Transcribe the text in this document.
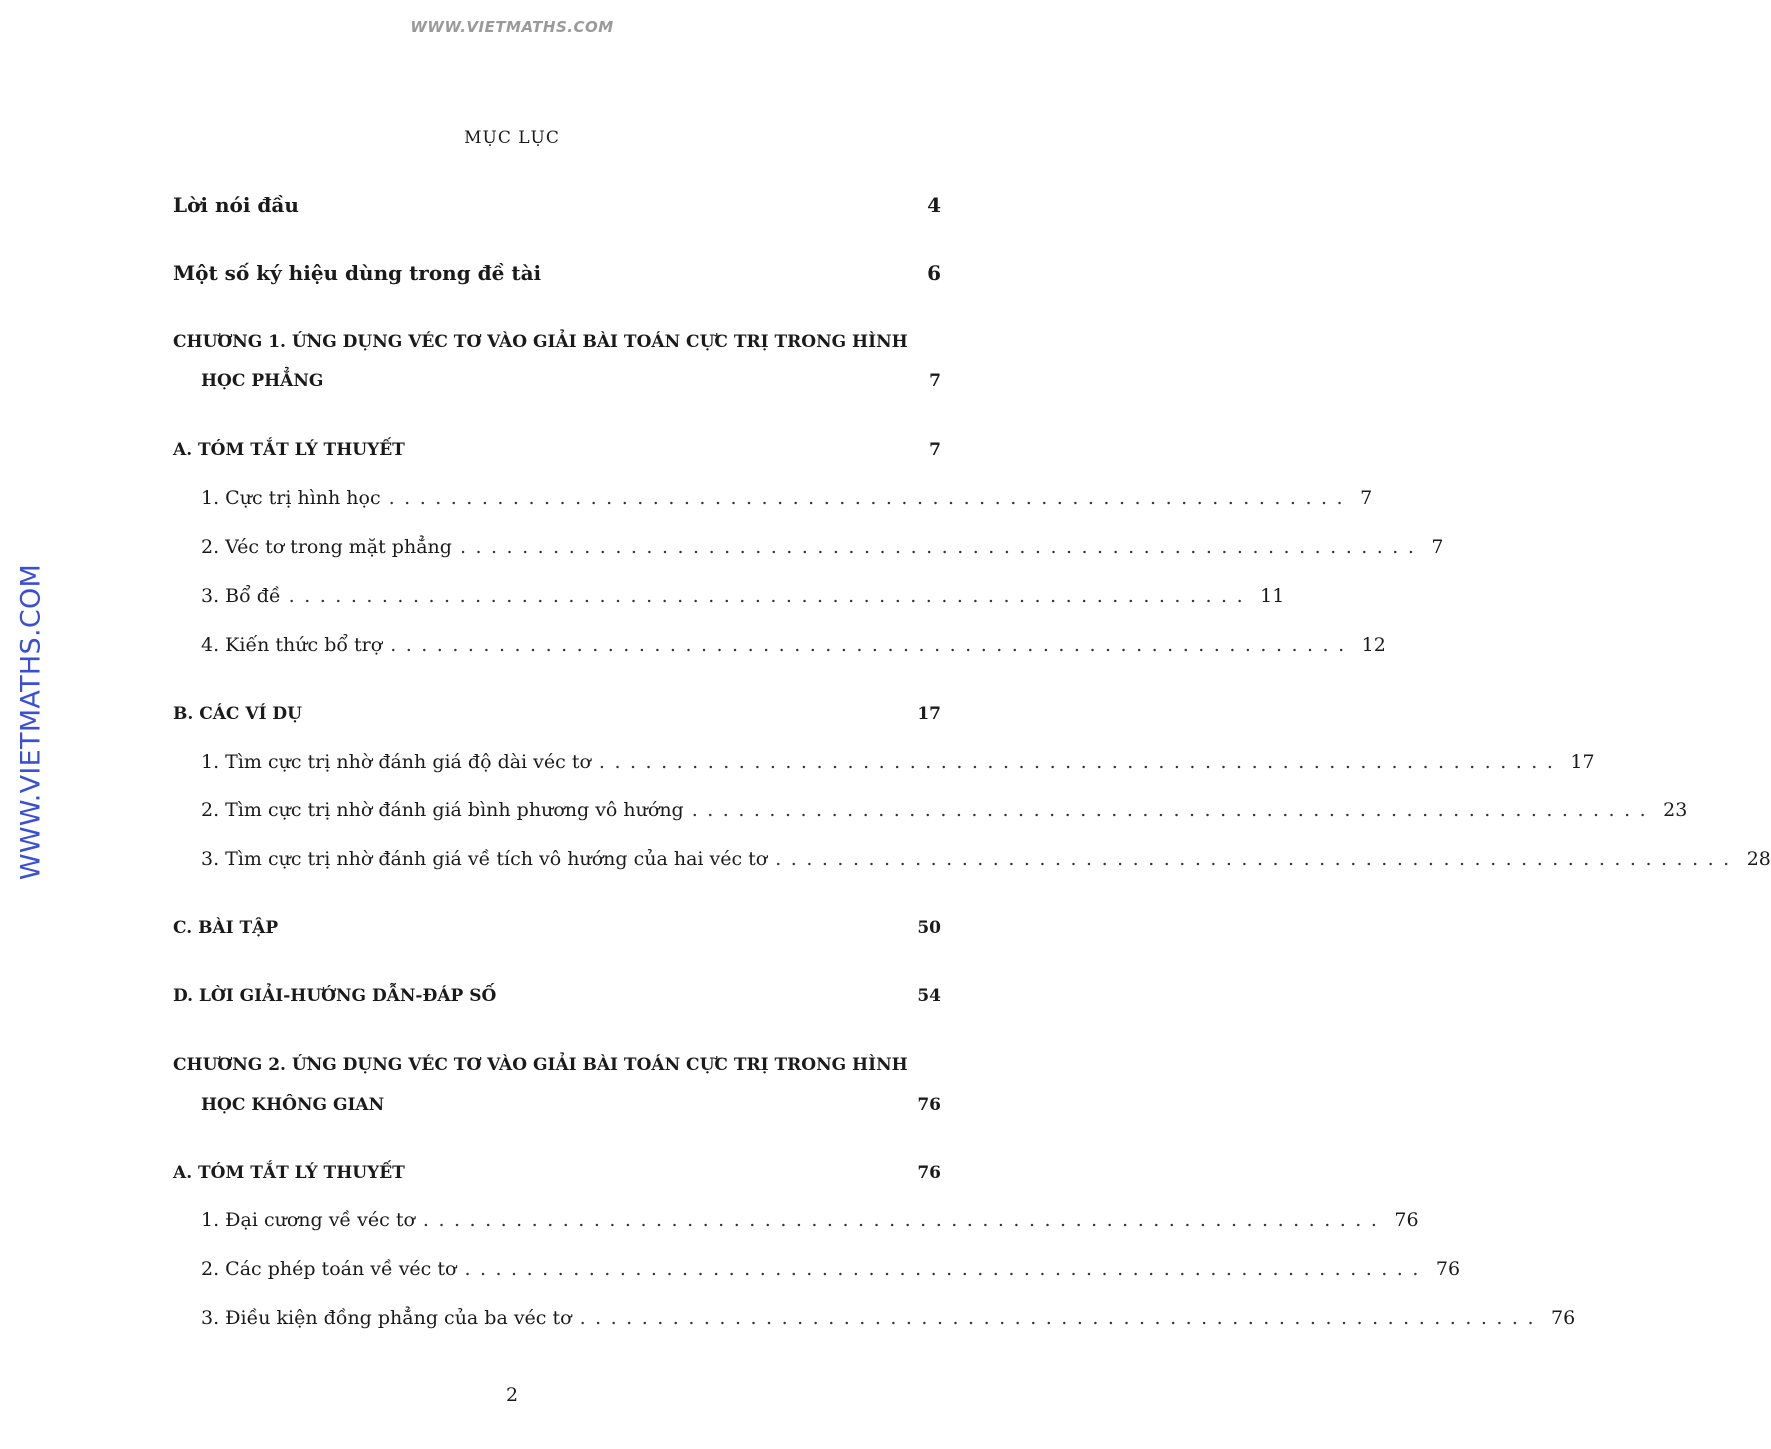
WWW.VIETMATHS.COM
WWW.VIETMATHS.COM
MỤC LỤC
Lời nói đầu	4
Một số ký hiệu dùng trong đề tài	6
CHƯƠNG 1. ỨNG DỤNG VÉC TƠ VÀO GIẢI BÀI TOÁN CỰC TRỊ TRONG HÌNH
HỌC PHẲNG	7
A. TÓM TẮT LÝ THUYẾT	7
1. Cực trị hình học .............................................................. 7
2. Véc tơ trong mặt phẳng .............................................................. 7
3. Bổ đề .............................................................. 11
4. Kiến thức bổ trợ .............................................................. 12
B. CÁC VÍ DỤ	17
1. Tìm cực trị nhờ đánh giá độ dài véc tơ .............................................................. 17
2. Tìm cực trị nhờ đánh giá bình phương vô hướng .............................................................. 23
3. Tìm cực trị nhờ đánh giá về tích vô hướng của hai véc tơ .............................................................. 28
C. BÀI TẬP	50
D. LỜI GIẢI-HƯỚNG DẪN-ĐÁP SỐ	54
CHƯƠNG 2. ỨNG DỤNG VÉC TƠ VÀO GIẢI BÀI TOÁN CỰC TRỊ TRONG HÌNH
HỌC KHÔNG GIAN	76
A. TÓM TẮT LÝ THUYẾT	76
1. Đại cương về véc tơ .............................................................. 76
2. Các phép toán về véc tơ .............................................................. 76
3. Điều kiện đồng phẳng của ba véc tơ .............................................................. 76
2
